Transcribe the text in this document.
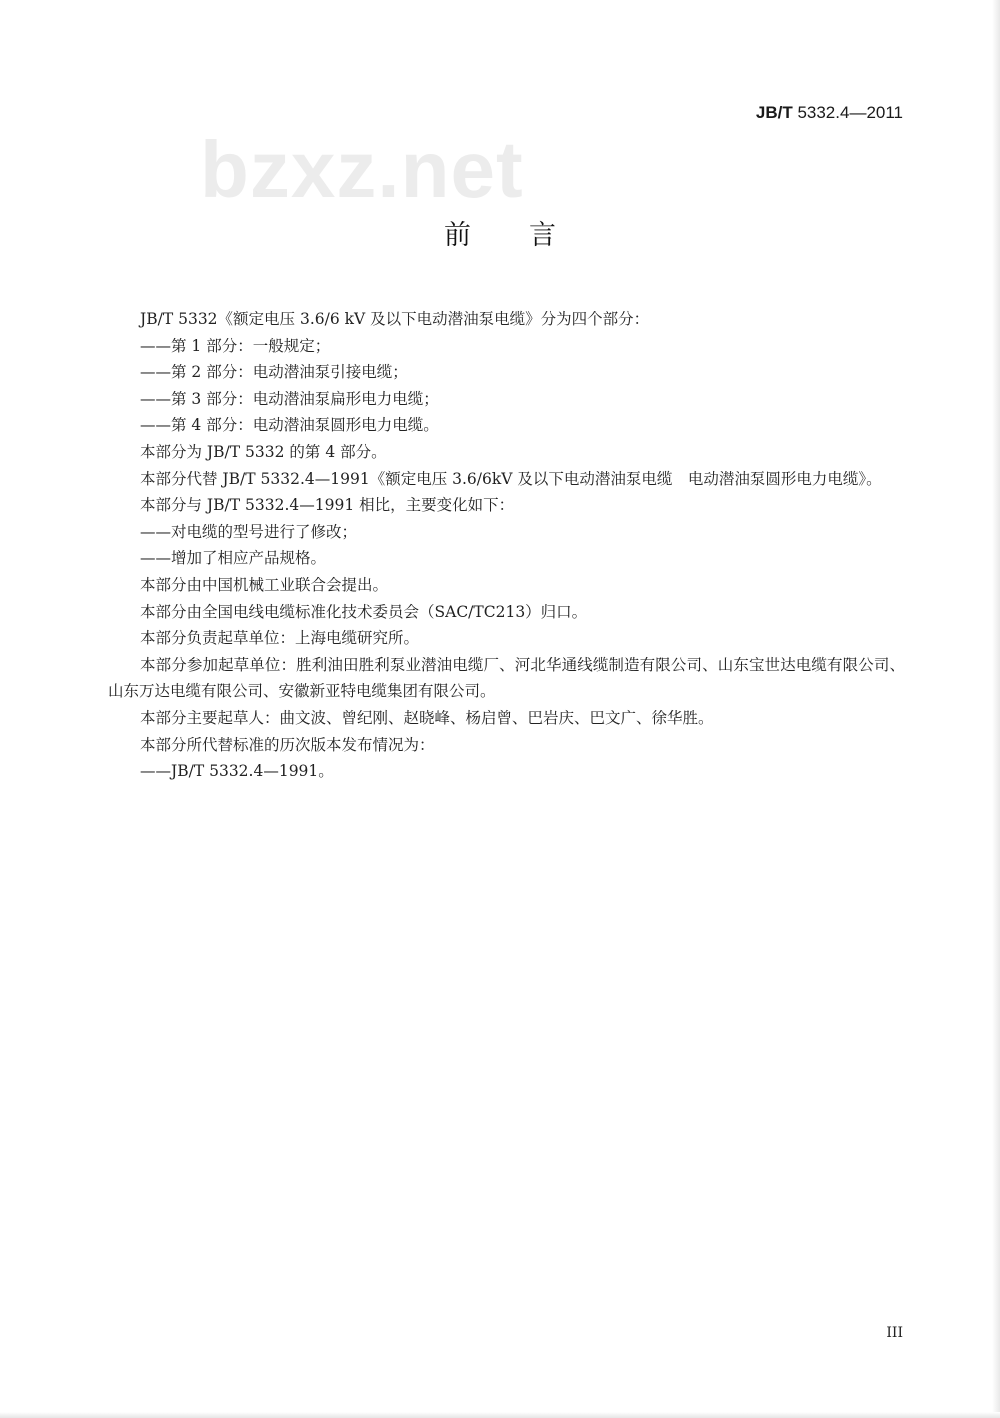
JB/T 5332.4—2011
bzxz.net
前言

JB/T 5332《额定电压 3.6/6 kV 及以下电动潜油泵电缆》分为四个部分：

——第 1 部分：一般规定；

——第 2 部分：电动潜油泵引接电缆；

——第 3 部分：电动潜油泵扁形电力电缆；

——第 4 部分：电动潜油泵圆形电力电缆。

本部分为 JB/T 5332 的第 4 部分。

本部分代替 JB/T 5332.4—1991《额定电压 3.6/6kV 及以下电动潜油泵电缆　电动潜油泵圆形电力电缆》。

本部分与 JB/T 5332.4—1991 相比，主要变化如下：

——对电缆的型号进行了修改；

——增加了相应产品规格。

本部分由中国机械工业联合会提出。

本部分由全国电线电缆标准化技术委员会（SAC/TC213）归口。

本部分负责起草单位：上海电缆研究所。

本部分参加起草单位：胜利油田胜利泵业潜油电缆厂、河北华通线缆制造有限公司、山东宝世达电缆有限公司、山东万达电缆有限公司、安徽新亚特电缆集团有限公司。

本部分主要起草人：曲文波、曾纪刚、赵晓峰、杨启曾、巴岩庆、巴文广、徐华胜。

本部分所代替标准的历次版本发布情况为：

——JB/T 5332.4—1991。

III
